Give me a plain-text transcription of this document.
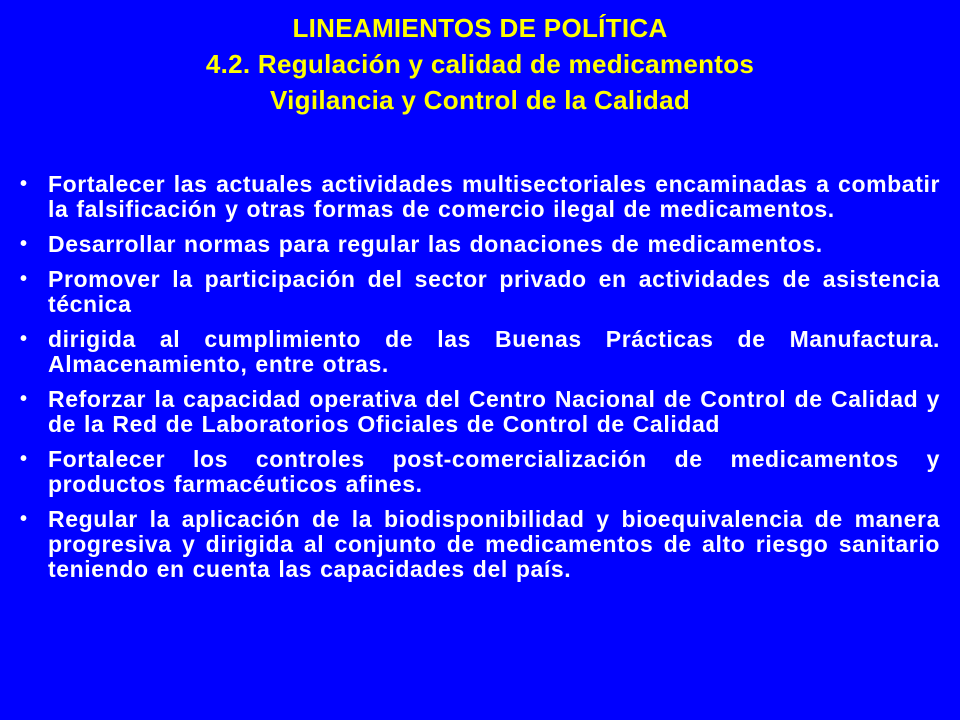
LINEAMIENTOS DE POLÍTICA
4.2. Regulación y calidad de medicamentos
Vigilancia y Control de la Calidad
• Fortalecer las actuales actividades multisectoriales encaminadas a combatir la falsificación y otras formas de comercio ilegal de medicamentos.
• Desarrollar normas para regular las donaciones de medicamentos.
• Promover la participación del sector privado en actividades de asistencia técnica
• dirigida al cumplimiento de las Buenas Prácticas de Manufactura. Almacenamiento, entre otras.
• Reforzar la capacidad operativa del Centro Nacional de Control de Calidad y de la Red de Laboratorios Oficiales de Control de Calidad
• Fortalecer los controles post-comercialización de medicamentos y productos farmacéuticos afines.
• Regular la aplicación de la biodisponibilidad y bioequivalencia de manera progresiva y dirigida al conjunto de medicamentos de alto riesgo sanitario teniendo en cuenta las capacidades del país.
